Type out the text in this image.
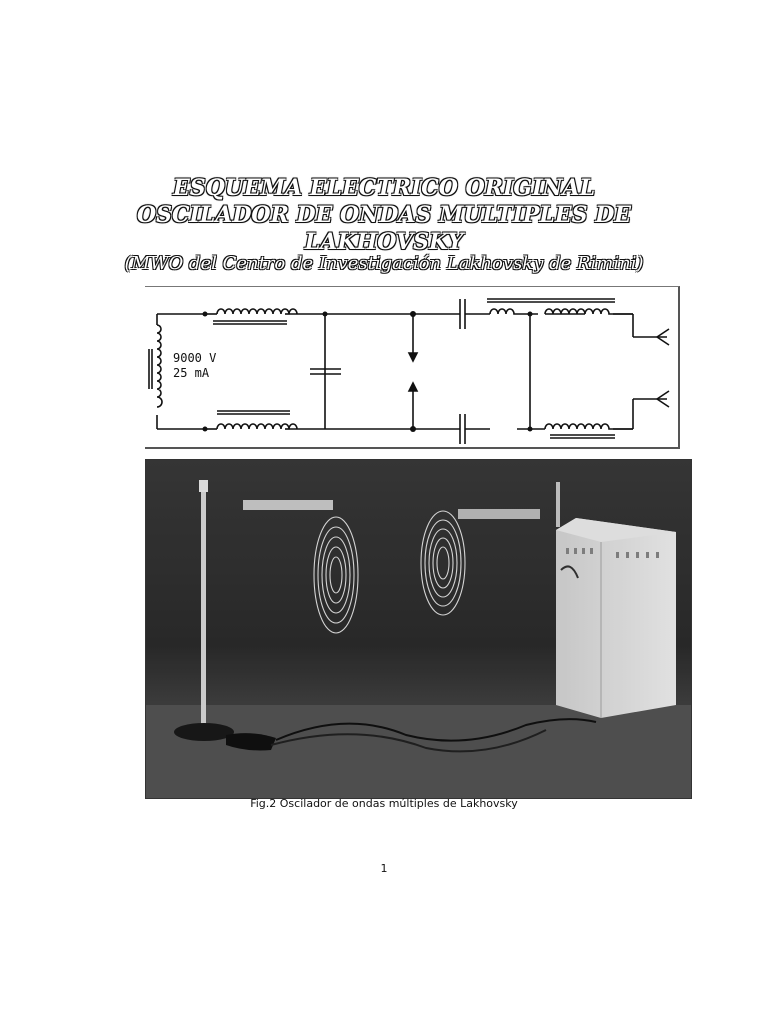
ESQUEMA ELECTRICO ORIGINAL
OSCILADOR DE ONDAS MULTIPLES DE
LAKHOVSKY
(MWO del Centro de Investigación Lakhovsky de Rimini)
9000 V
25 mA
Fig.2 Oscilador de ondas múltiples de Lakhovsky
1
